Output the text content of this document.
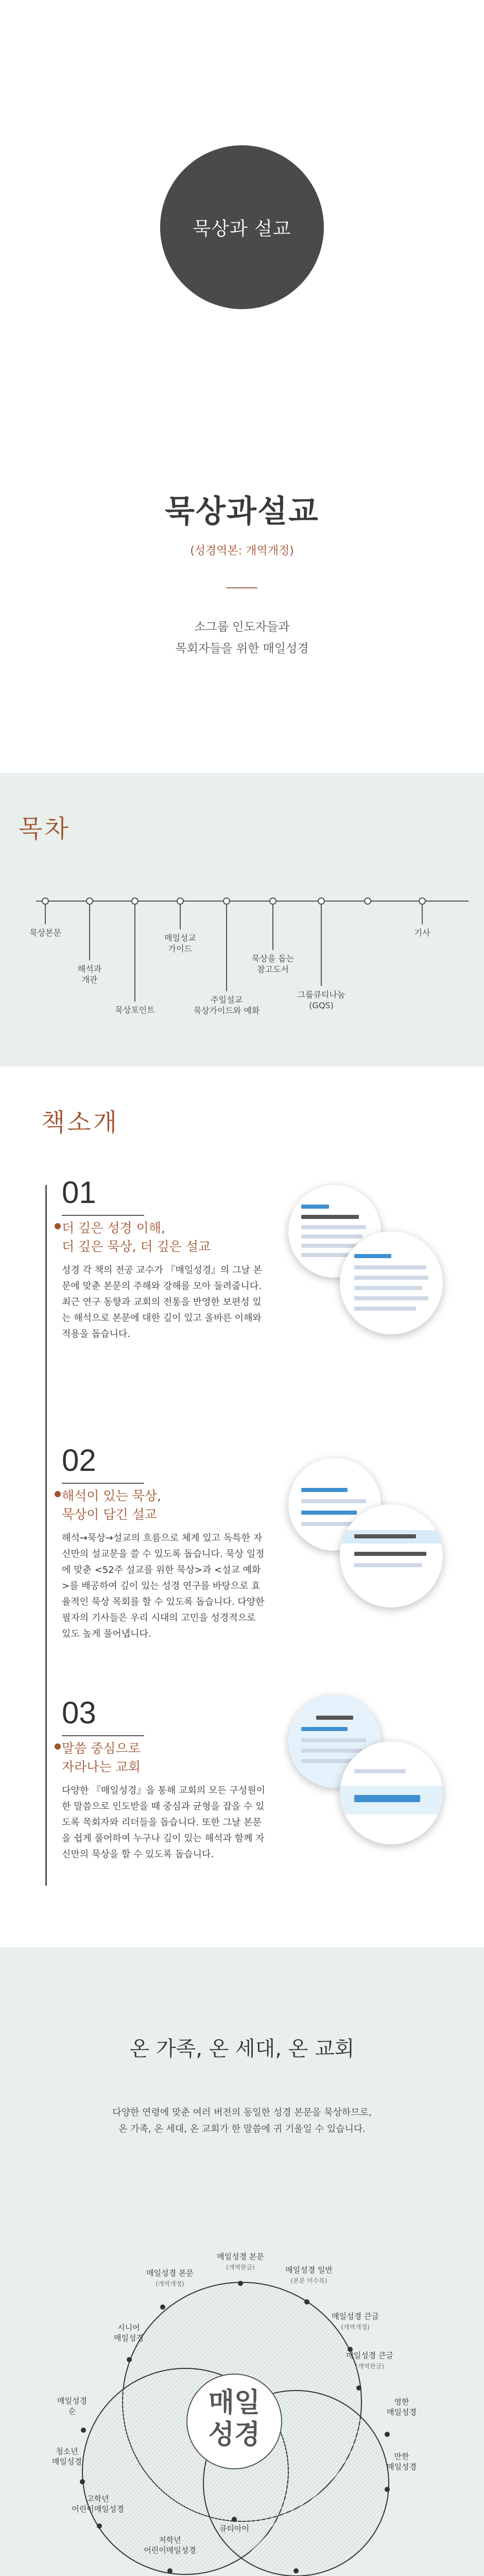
묵상과 설교
묵상과설교
(성경역본: 개역개정)
소그룹 인도자들과
목회자들을 위한 매일성경
목차
묵상본문
해석과
개관
묵상포인트
매일성교
가이드
주일설교
묵상가이드와 예화
묵상을 돕는
참고도서
그룹큐티나눔
(GQS)
기사
책소개
01
더 깊은 성경 이해,
더 깊은 묵상, 더 깊은 설교
성경 각 책의 전공 교수가 『매일성경』의 그날 본문에 맞춘 본문의 주해와 강해를 모아 둘려줍니다. 최근 연구 동향과 교회의 전통을 반영한 보편성 있는 해석으로 본문에 대한 깊이 있고 올바른 이해와 적용을 돕습니다.
02
해석이 있는 묵상,
묵상이 담긴 설교
해석→묵상→설교의 흐름으로 체계 있고 독특한 자신만의 설교문을 쓸 수 있도록 돕습니다. 묵상 일정에 맞춘 <52주 설교를 위한 묵상>과 <설교 예화>를 배공하여 깊이 있는 성경 연구를 바탕으로 효율적인 묵상 목회를 할 수 있도록 돕습니다. 다양한 필자의 기사들은 우리 시대의 고민을 성경적으로 있도 높게 풀어냅니다.
03
말씀 중심으로
자라나는 교회
다양한 『매일성경』을 통해 교회의 모든 구성원이 한 말씀으로 인도받을 때 중심과 균형을 잡을 수 있도록 목회자와 리더들을 돕습니다. 또한 그날 본문을 쉽게 풀어하여 누구나 깊이 있는 해석과 함께 자신만의 묵상을 할 수 있도록 돕습니다.
온 가족, 온 세대, 온 교회
다양한 연령에 맞춘 여러 버전의 동일한 성경 본문을 묵상하므로,
온 가족, 온 세대, 온 교회가 한 말씀에 귀 기울일 수 있습니다.
매일
성경
매일성경 본문
(개역한글)	매일성경 일반
(본문 미수록)
매일성경 본문
(개역개정)
매일성경 큰글
(개역개정)
시니어
매일성경
매일성경 큰글
(개역한글)
매일성경
순
영한
매일성경
청소년
매일성경
만한
매일성경
고학년
어린이매일성경
큐티아이
저학년
어린이매일성경
